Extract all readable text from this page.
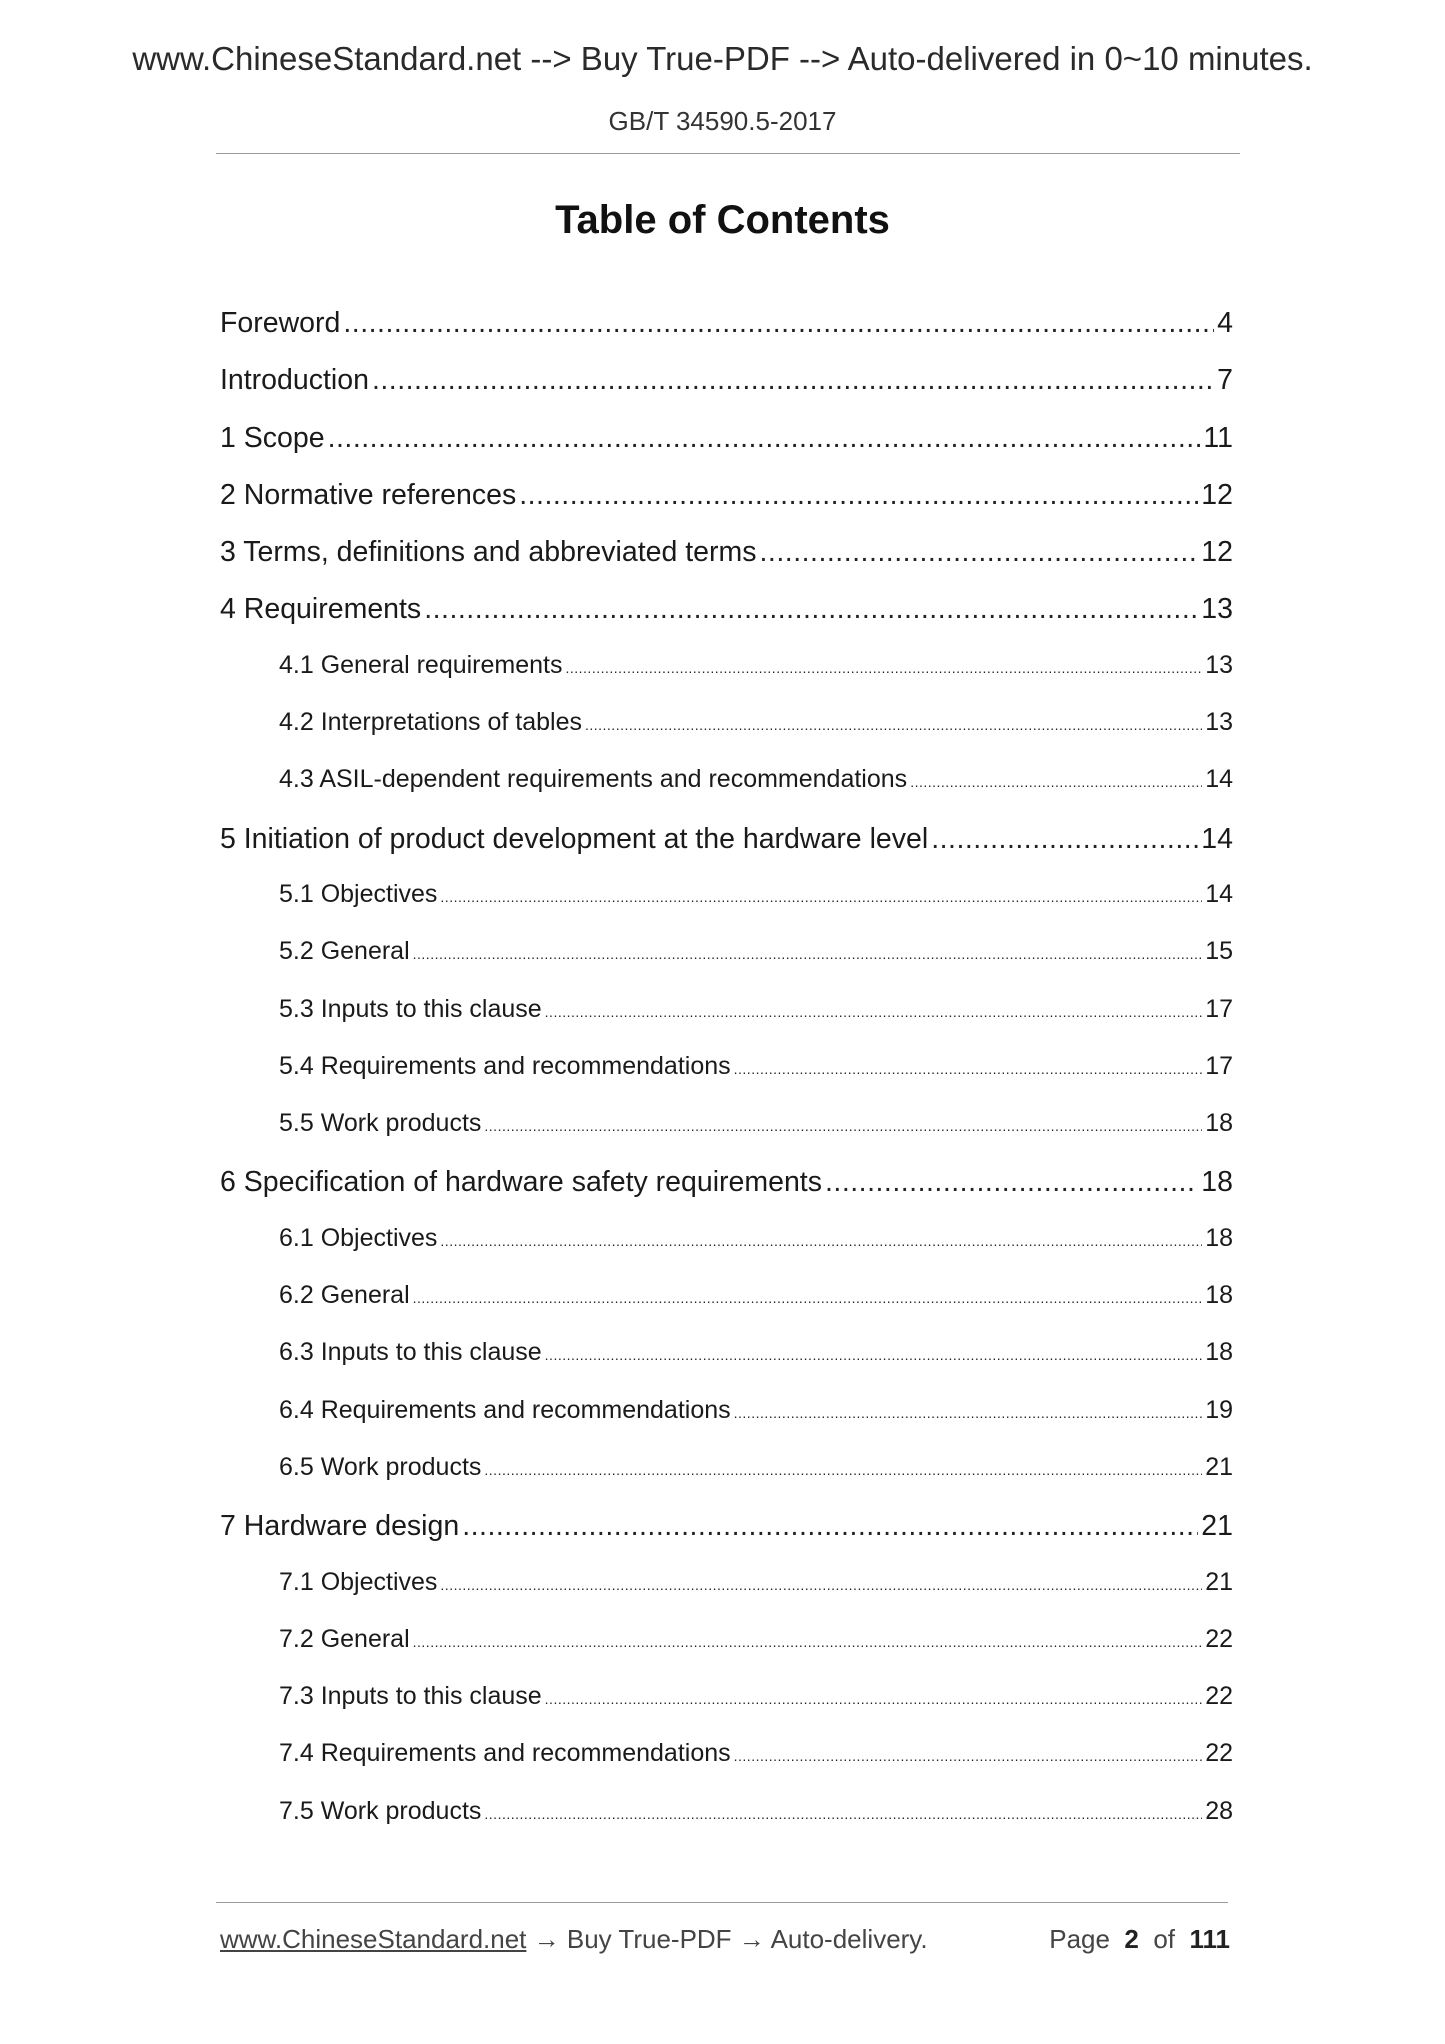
www.ChineseStandard.net --> Buy True-PDF --> Auto-delivered in 0~10 minutes.
GB/T 34590.5-2017
Table of Contents
Foreword .....	4
Introduction .....	7
1 Scope .....	11
2 Normative references .....	12
3 Terms, definitions and abbreviated terms .....	12
4 Requirements .....	13
4.1 General requirements .....	13
4.2 Interpretations of tables .....	13
4.3 ASIL-dependent requirements and recommendations .....	14
5 Initiation of product development at the hardware level .....	14
5.1 Objectives .....	14
5.2 General .....	15
5.3 Inputs to this clause .....	17
5.4 Requirements and recommendations .....	17
5.5 Work products .....	18
6 Specification of hardware safety requirements .....	18
6.1 Objectives .....	18
6.2 General .....	18
6.3 Inputs to this clause .....	18
6.4 Requirements and recommendations .....	19
6.5 Work products .....	21
7 Hardware design .....	21
7.1 Objectives .....	21
7.2 General .....	22
7.3 Inputs to this clause .....	22
7.4 Requirements and recommendations .....	22
7.5 Work products .....	28
www.ChineseStandard.net → Buy True-PDF → Auto-delivery.	Page 2 of 111
